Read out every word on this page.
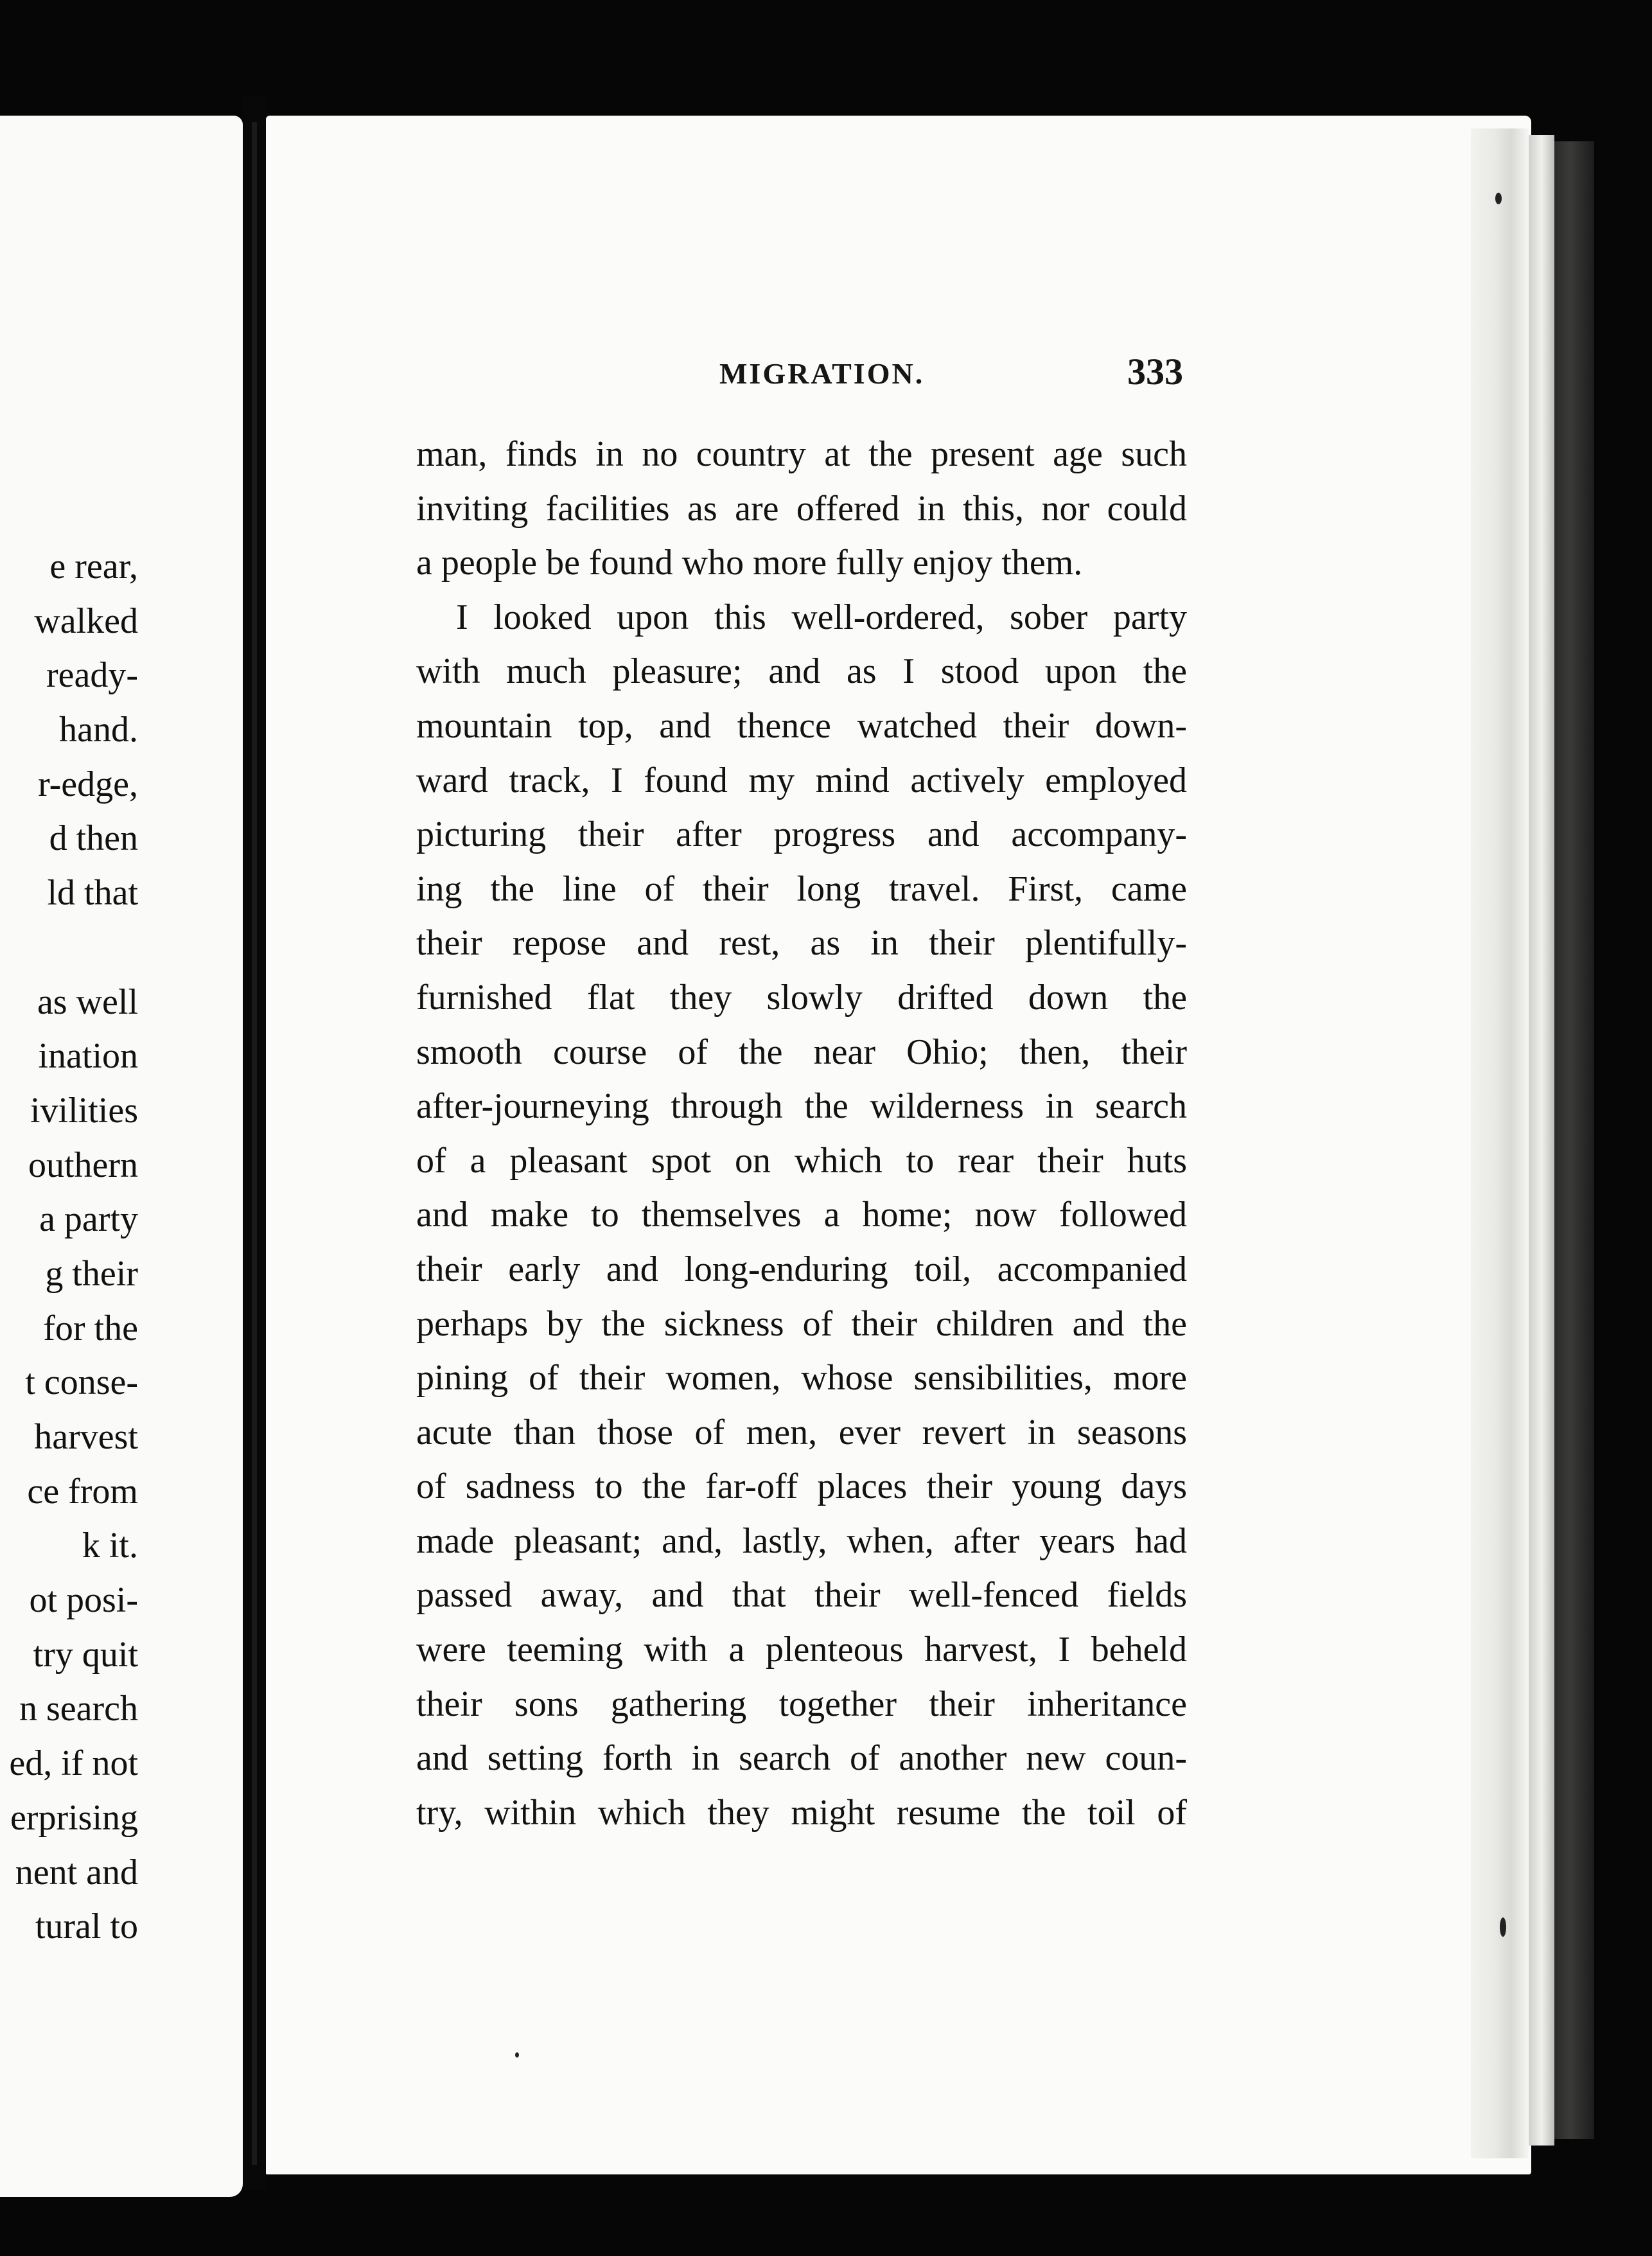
e rear,
walked
ready-
hand.
r-edge,
d then
ld that
as well
ination
ivilities
outhern
a party
g their
for the
t conse-
harvest
ce from
k it.
ot posi-
try quit
n search
ed, if not
erprising
nent and
tural to
MIGRATION.	333
man, finds in no country at the present age such
inviting facilities as are offered in this, nor could
a people be found who more fully enjoy them.
I looked upon this well-ordered, sober party
with much pleasure; and as I stood upon the
mountain top, and thence watched their down-
ward track, I found my mind actively employed
picturing their after progress and accompany-
ing the line of their long travel. First, came
their repose and rest, as in their plentifully-
furnished flat they slowly drifted down the
smooth course of the near Ohio; then, their
after-journeying through the wilderness in search
of a pleasant spot on which to rear their huts
and make to themselves a home; now followed
their early and long-enduring toil, accompanied
perhaps by the sickness of their children and the
pining of their women, whose sensibilities, more
acute than those of men, ever revert in seasons
of sadness to the far-off places their young days
made pleasant; and, lastly, when, after years had
passed away, and that their well-fenced fields
were teeming with a plenteous harvest, I beheld
their sons gathering together their inheritance
and setting forth in search of another new coun-
try, within which they might resume the toil of
